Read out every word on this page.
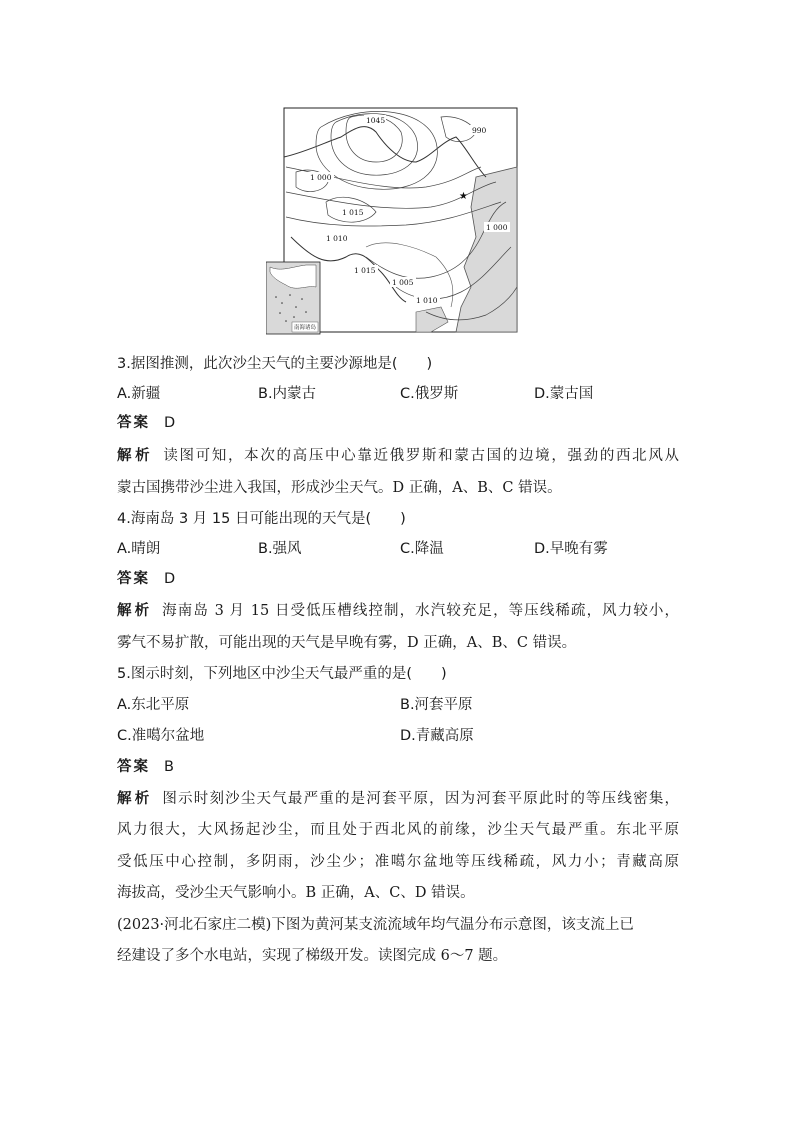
★
1045
990
1 000
1 015
1 010
1 000
1 015
1 005
1 010
南海诸岛
3.据图推测，此次沙尘天气的主要沙源地是(　　)
A.新疆	B.内蒙古	C.俄罗斯	D.蒙古国
答案 D
解析 读图可知，本次的高压中心靠近俄罗斯和蒙古国的边境，强劲的西北风从
蒙古国携带沙尘进入我国，形成沙尘天气。D 正确，A、B、C 错误。
4.海南岛 3 月 15 日可能出现的天气是(　　)
A.晴朗	B.强风	C.降温	D.早晚有雾
答案 D
解析 海南岛 3 月 15 日受低压槽线控制，水汽较充足，等压线稀疏，风力较小，
雾气不易扩散，可能出现的天气是早晚有雾，D 正确，A、B、C 错误。
5.图示时刻，下列地区中沙尘天气最严重的是(　　)
A.东北平原	B.河套平原
C.准噶尔盆地	D.青藏高原
答案 B
解析 图示时刻沙尘天气最严重的是河套平原，因为河套平原此时的等压线密集，
风力很大，大风扬起沙尘，而且处于西北风的前缘，沙尘天气最严重。东北平原
受低压中心控制，多阴雨，沙尘少；准噶尔盆地等压线稀疏，风力小；青藏高原
海拔高，受沙尘天气影响小。B 正确，A、C、D 错误。
(2023·河北石家庄二模)下图为黄河某支流流域年均气温分布示意图，该支流上已
经建设了多个水电站，实现了梯级开发。读图完成 6～7 题。
